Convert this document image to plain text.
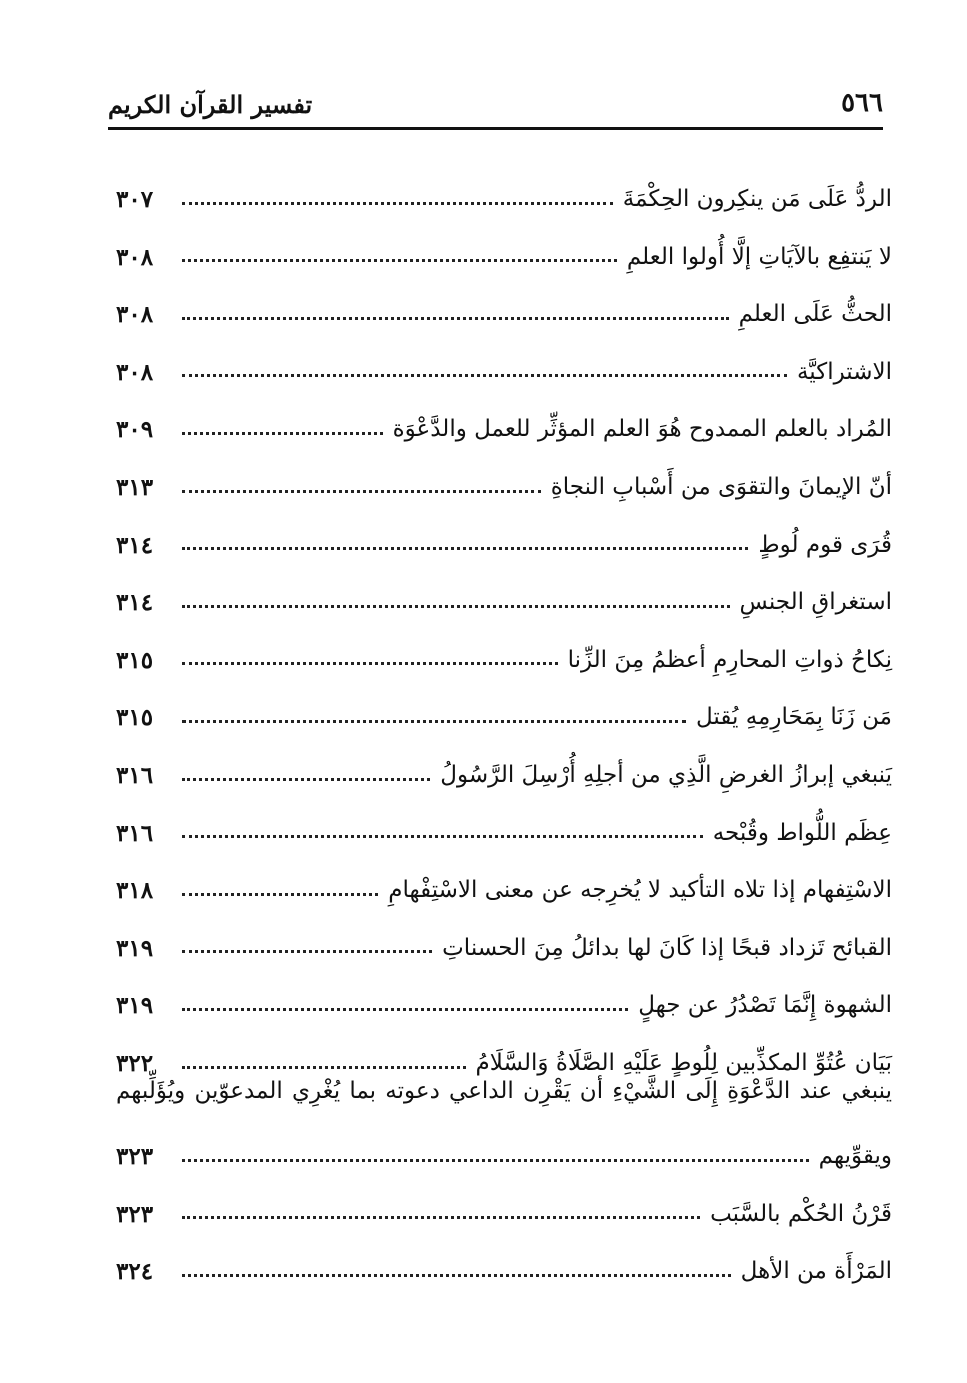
٥٦٦
تفسير القرآن الكريم
الردُّ عَلَى مَن ينكِرون الحِكْمَةَ
٣٠٧
لا يَنتفِع بالآيَاتِ إلَّا أُولوا العلمِ
٣٠٨
الحثُّ عَلَى العلمِ
٣٠٨
الاشتراكيَّة
٣٠٨
المُراد بالعلم الممدوح هُوَ العلم المؤثِّر للعمل والدَّعْوَة
٣٠٩
أنّ الإيمانَ والتقوَى من أَسْبابِ النجاةِ
٣١٣
قُرَى قوم لُوطٍ
٣١٤
استغراقِ الجنسِ
٣١٤
نِكاحُ ذواتِ المحارِمِ أعظمُ مِنَ الزِّنا
٣١٥
مَن زَنَا بِمَحَارِمِهِ يُقتل
٣١٥
يَنبغي إبرازُ الغرضِ الَّذِي من أجلِهِ أُرْسِلَ الرَّسُولُ
٣١٦
عِظَم اللُّواط وقُبْحه
٣١٦
الاسْتِفهام إذا تلاه التأكيد لا يُخرِجه عن معنى الاسْتِفْهامِ
٣١٨
القبائح تَزداد قبحًا إذا كَانَ لها بدائلُ مِنَ الحسناتِ
٣١٩
الشهوة إِنَّمَا تَصْدُرُ عن جهلٍ
٣١٩
بَيَان عُتُوِّ المكذِّبين لِلُوطٍ عَلَيْهِ الصَّلَاةُ وَالسَّلَامُ
٣٢٢
ينبغي عند الدَّعْوَةِ إِلَى الشَّيْءِ أن يَقْرِن الداعي دعوته بما يُغْرِي المدعوّين ويُؤَلِّبهم
ويقوِّيهم
٣٢٣
قَرْنُ الحُكْم بالسَّبَب
٣٢٣
المَرْأَة من الأهل
٣٢٤
